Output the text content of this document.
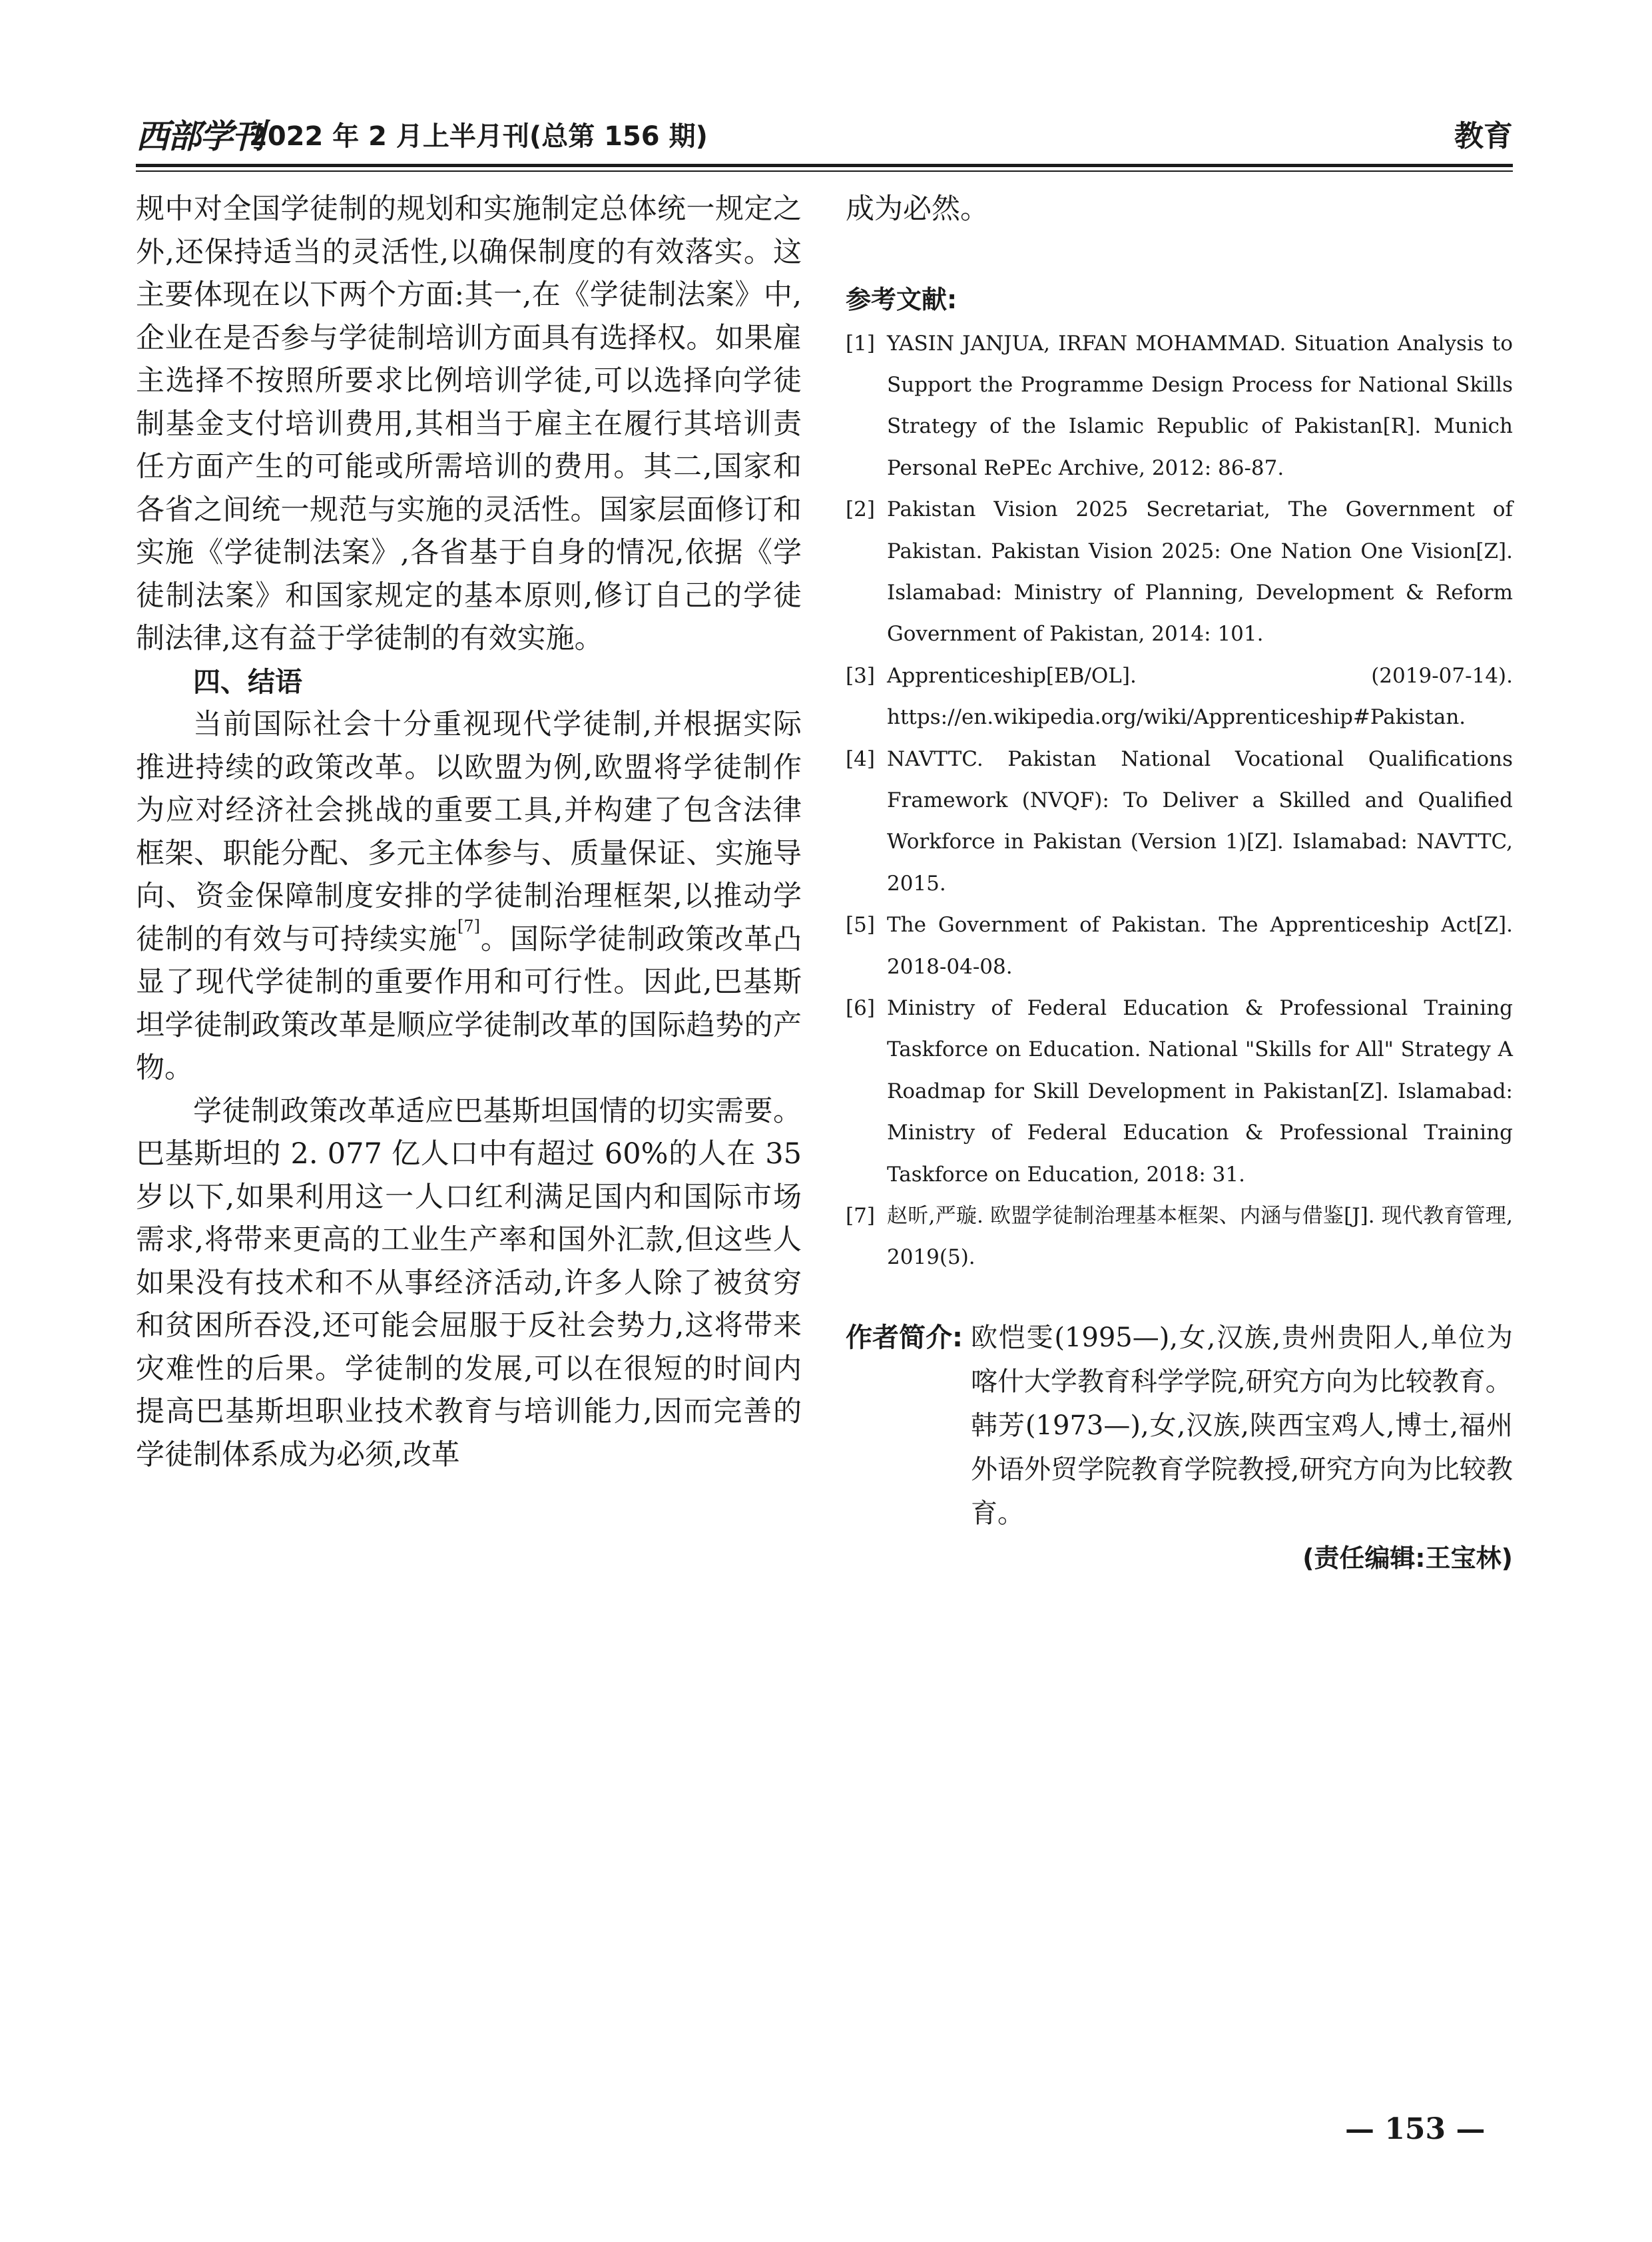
西部学刊
2022 年 2 月上半月刊(总第 156 期)	教育

规中对全国学徒制的规划和实施制定总体统一规定之外,还保持适当的灵活性,以确保制度的有效落实。这主要体现在以下两个方面:其一,在《学徒制法案》中,企业在是否参与学徒制培训方面具有选择权。如果雇主选择不按照所要求比例培训学徒,可以选择向学徒制基金支付培训费用,其相当于雇主在履行其培训责任方面产生的可能或所需培训的费用。其二,国家和各省之间统一规范与实施的灵活性。国家层面修订和实施《学徒制法案》,各省基于自身的情况,依据《学徒制法案》和国家规定的基本原则,修订自己的学徒制法律,这有益于学徒制的有效实施。

四、结语

当前国际社会十分重视现代学徒制,并根据实际推进持续的政策改革。以欧盟为例,欧盟将学徒制作为应对经济社会挑战的重要工具,并构建了包含法律框架、职能分配、多元主体参与、质量保证、实施导向、资金保障制度安排的学徒制治理框架,以推动学徒制的有效与可持续实施[7]。国际学徒制政策改革凸显了现代学徒制的重要作用和可行性。因此,巴基斯坦学徒制政策改革是顺应学徒制改革的国际趋势的产物。

学徒制政策改革适应巴基斯坦国情的切实需要。巴基斯坦的 2. 077 亿人口中有超过 60%的人在 35 岁以下,如果利用这一人口红利满足国内和国际市场需求,将带来更高的工业生产率和国外汇款,但这些人如果没有技术和不从事经济活动,许多人除了被贫穷和贫困所吞没,还可能会屈服于反社会势力,这将带来灾难性的后果。学徒制的发展,可以在很短的时间内提高巴基斯坦职业技术教育与培训能力,因而完善的学徒制体系成为必须,改革

成为必然。

参考文献:
[1] YASIN JANJUA, IRFAN MOHAMMAD. Situation Analysis to Support the Programme Design Process for National Skills Strategy of the Islamic Republic of Pakistan[R]. Munich Personal RePEc Archive, 2012: 86-87.
[2] Pakistan Vision 2025 Secretariat, The Government of Pakistan. Pakistan Vision 2025: One Nation One Vision[Z]. Islamabad: Ministry of Planning, Development & Reform Government of Pakistan, 2014: 101.
[3] Apprenticeship[EB/OL]. (2019-07-14). https://en.wikipedia.org/wiki/Apprenticeship#Pakistan.
[4] NAVTTC. Pakistan National Vocational Qualifications Framework (NVQF): To Deliver a Skilled and Qualified Workforce in Pakistan (Version 1)[Z]. Islamabad: NAVTTC, 2015.
[5] The Government of Pakistan. The Apprenticeship Act[Z]. 2018-04-08.
[6] Ministry of Federal Education & Professional Training Taskforce on Education. National "Skills for All" Strategy A Roadmap for Skill Development in Pakistan[Z]. Islamabad: Ministry of Federal Education & Professional Training Taskforce on Education, 2018: 31.
[7] 赵昕,严璇. 欧盟学徒制治理基本框架、内涵与借鉴[J]. 现代教育管理, 2019(5).
作者简介: 欧恺雯(1995—),女,汉族,贵州贵阳人,单位为喀什大学教育科学学院,研究方向为比较教育。

韩芳(1973—),女,汉族,陕西宝鸡人,博士,福州外语外贸学院教育学院教授,研究方向为比较教育。

(责任编辑:王宝林)
— 153 —
